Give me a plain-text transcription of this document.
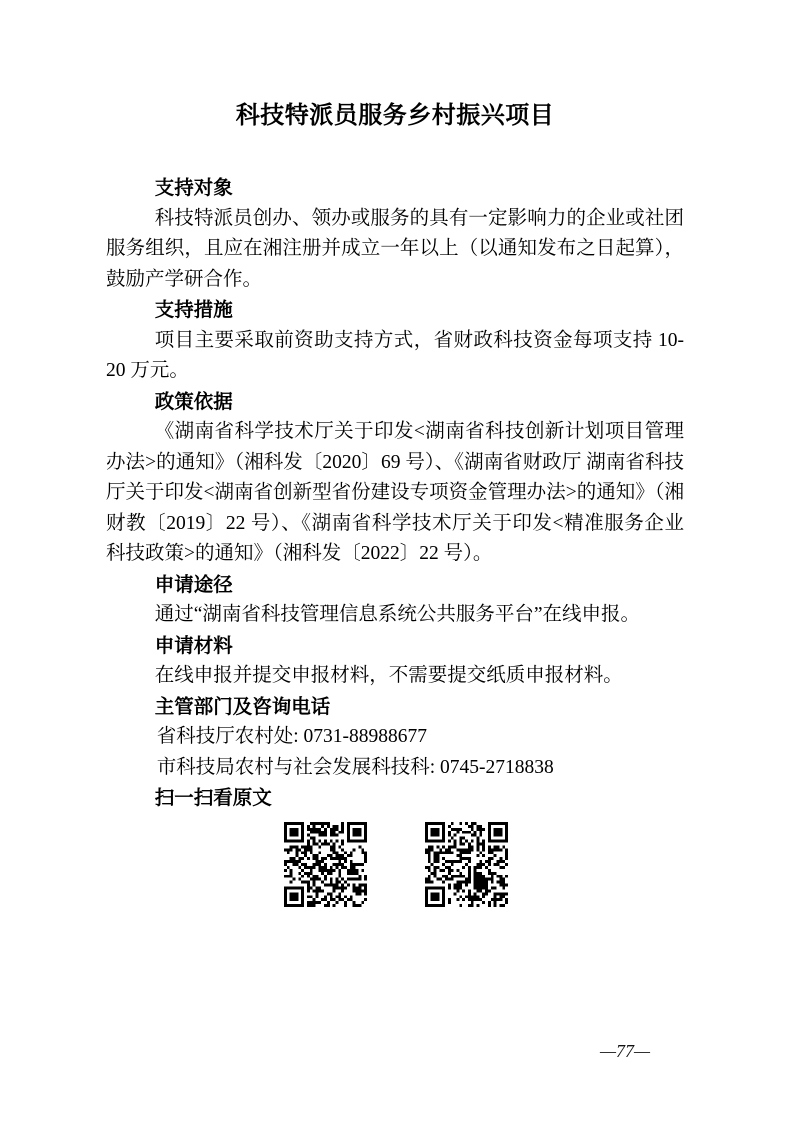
科技特派员服务乡村振兴项目
支持对象

科技特派员创办、领办或服务的具有一定影响力的企业或社团服务组织，且应在湘注册并成立一年以上（以通知发布之日起算），鼓励产学研合作。

支持措施

项目主要采取前资助支持方式，省财政科技资金每项支持 10-20 万元。

政策依据

《湖南省科学技术厅关于印发<湖南省科技创新计划项目管理办法>的通知》（湘科发〔2020〕69 号）、《湖南省财政厅 湖南省科技厅关于印发<湖南省创新型省份建设专项资金管理办法>的通知》（湘财教〔2019〕22 号）、《湖南省科学技术厅关于印发<精准服务企业科技政策>的通知》（湘科发〔2022〕22 号）。

申请途径

通过“湖南省科技管理信息系统公共服务平台”在线申报。

申请材料

在线申报并提交申报材料，不需要提交纸质申报材料。

主管部门及咨询电话

省科技厅农村处: 0731-88988677

市科技局农村与社会发展科技科: 0745-2718838

扫一扫看原文
—77—
